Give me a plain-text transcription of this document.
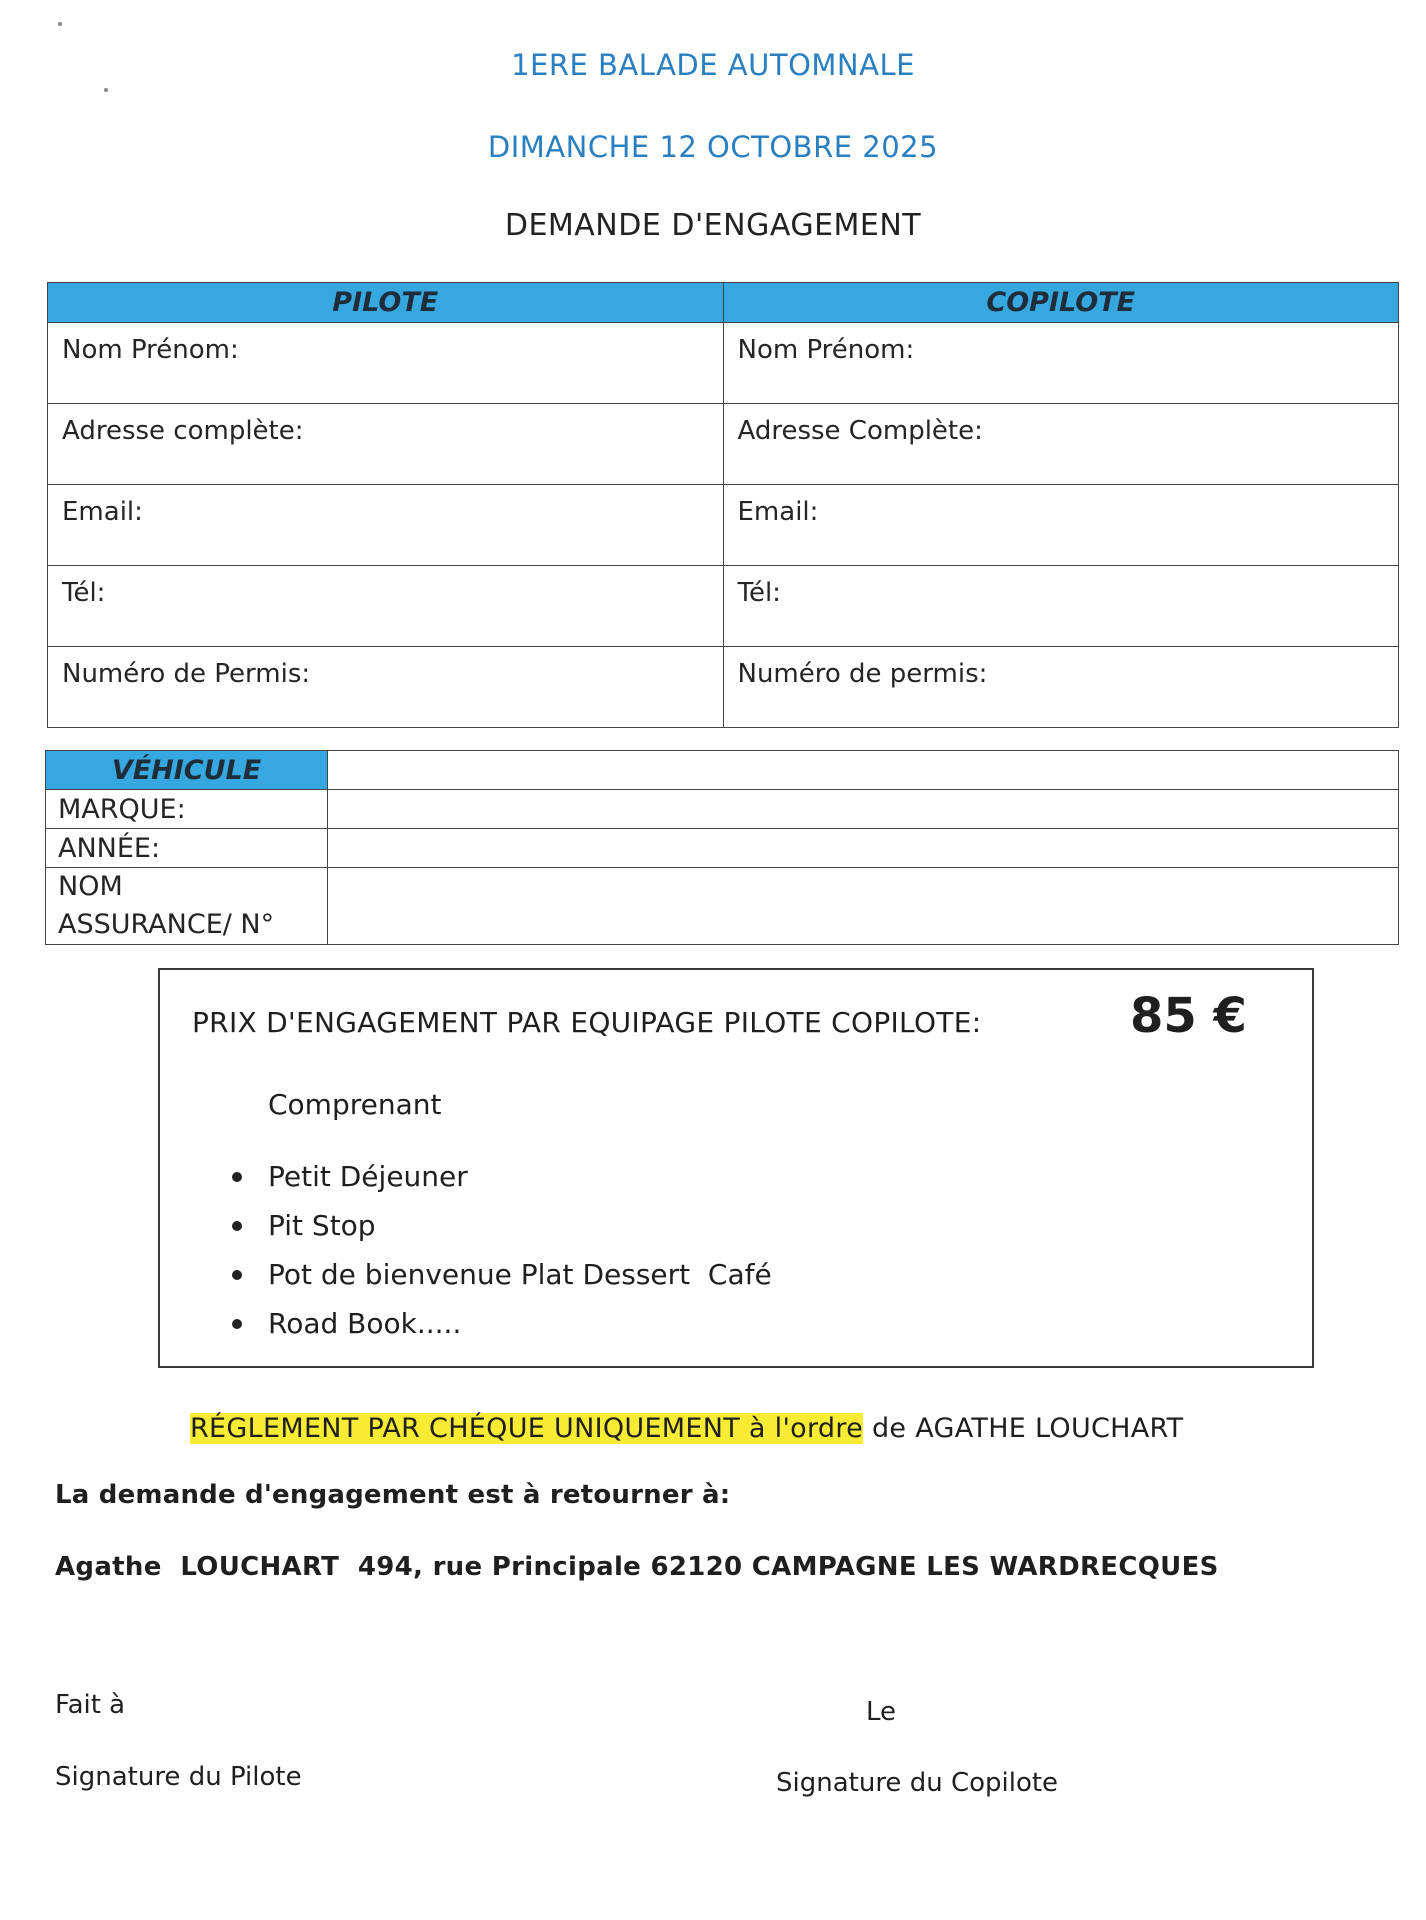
1ERE BALADE AUTOMNALE
DIMANCHE 12 OCTOBRE 2025
DEMANDE D'ENGAGEMENT
PILOTE	COPILOTE
Nom Prénom:	Nom Prénom:
Adresse complète:	Adresse Complète:
Email:	Email:
Tél:	Tél:
Numéro de Permis:	Numéro de permis:
VÉHICULE	
MARQUE:	
ANNÉE:	
NOM
ASSURANCE/ N°	
PRIX D'ENGAGEMENT PAR EQUIPAGE PILOTE COPILOTE:	85 €
Comprenant
Petit Déjeuner
Pit Stop
Pot de bienvenue Plat Dessert  Café
Road Book.....
RÉGLEMENT PAR CHÉQUE UNIQUEMENT à l'ordre de AGATHE LOUCHART
La demande d'engagement est à retourner à:
Agathe  LOUCHART  494, rue Principale 62120 CAMPAGNE LES WARDRECQUES
Fait à	Le
Signature du Pilote	Signature du Copilote
